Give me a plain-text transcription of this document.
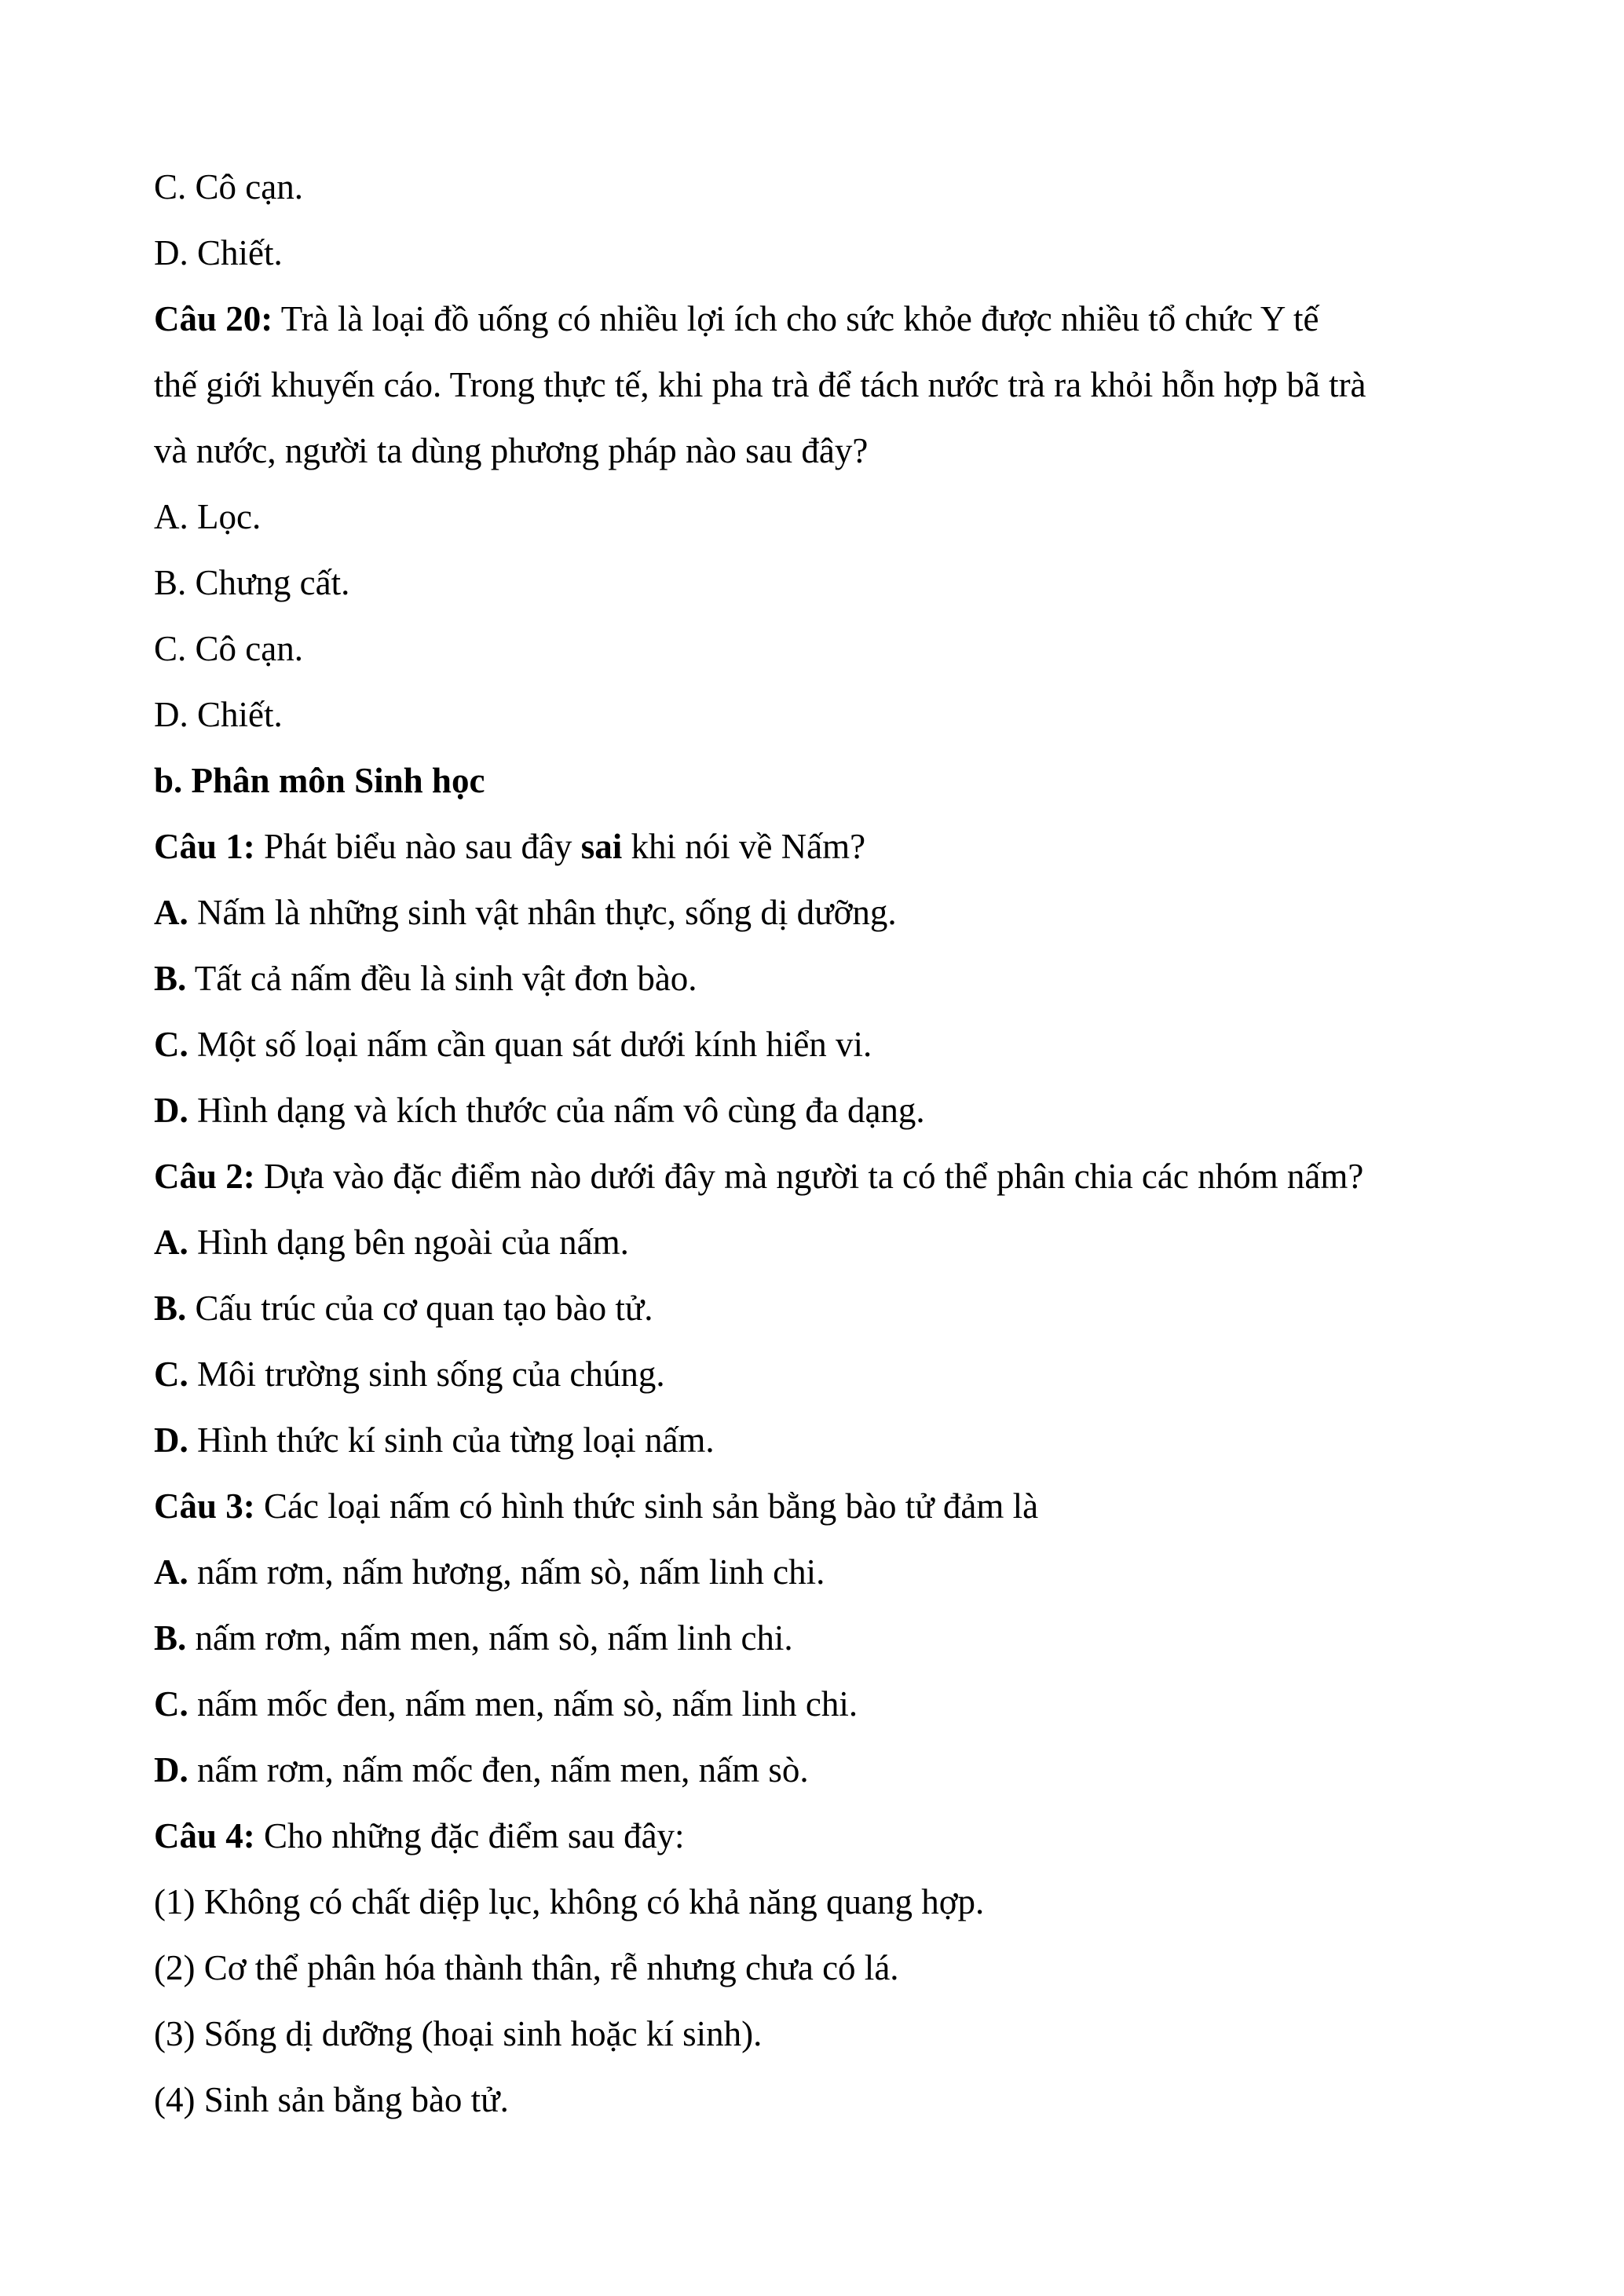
C. Cô cạn.
D. Chiết.
Câu 20: Trà là loại đồ uống có nhiều lợi ích cho sức khỏe được nhiều tổ chức Y tế
thế giới khuyến cáo. Trong thực tế, khi pha trà để tách nước trà ra khỏi hỗn hợp bã trà
và nước, người ta dùng phương pháp nào sau đây?
A. Lọc.
B. Chưng cất.
C. Cô cạn.
D. Chiết.
b. Phân môn Sinh học
Câu 1: Phát biểu nào sau đây sai khi nói về Nấm?
A. Nấm là những sinh vật nhân thực, sống dị dưỡng.
B. Tất cả nấm đều là sinh vật đơn bào.
C. Một số loại nấm cần quan sát dưới kính hiển vi.
D. Hình dạng và kích thước của nấm vô cùng đa dạng.
Câu 2: Dựa vào đặc điểm nào dưới đây mà người ta có thể phân chia các nhóm nấm?
A. Hình dạng bên ngoài của nấm.
B. Cấu trúc của cơ quan tạo bào tử.
C. Môi trường sinh sống của chúng.
D. Hình thức kí sinh của từng loại nấm.
Câu 3: Các loại nấm có hình thức sinh sản bằng bào tử đảm là
A. nấm rơm, nấm hương, nấm sò, nấm linh chi.
B. nấm rơm, nấm men, nấm sò, nấm linh chi.
C. nấm mốc đen, nấm men, nấm sò, nấm linh chi.
D. nấm rơm, nấm mốc đen, nấm men, nấm sò.
Câu 4: Cho những đặc điểm sau đây:
(1) Không có chất diệp lục, không có khả năng quang hợp.
(2) Cơ thể phân hóa thành thân, rễ nhưng chưa có lá.
(3) Sống dị dưỡng (hoại sinh hoặc kí sinh).
(4) Sinh sản bằng bào tử.
